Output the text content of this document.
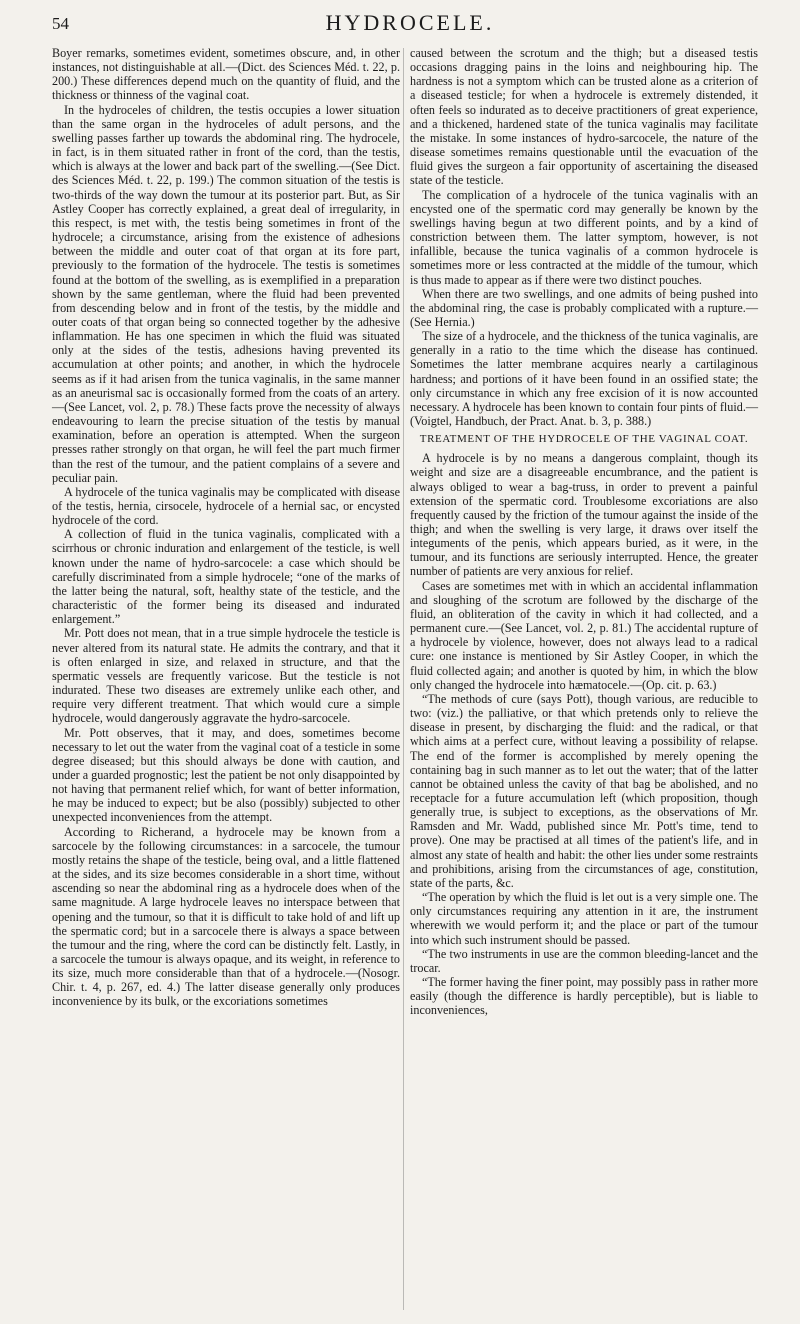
54	HYDROCELE.

Boyer remarks, sometimes evident, sometimes obscure, and, in other instances, not distinguishable at all.—(Dict. des Sciences Méd. t. 22, p. 200.) These differences depend much on the quantity of fluid, and the thickness or thinness of the vaginal coat.

In the hydroceles of children, the testis occupies a lower situation than the same organ in the hydroceles of adult persons, and the swelling passes farther up towards the abdominal ring. The hydrocele, in fact, is in them situated rather in front of the cord, than the testis, which is always at the lower and back part of the swelling.—(See Dict. des Sciences Méd. t. 22, p. 199.) The common situation of the testis is two-thirds of the way down the tumour at its posterior part. But, as Sir Astley Cooper has correctly explained, a great deal of irregularity, in this respect, is met with, the testis being sometimes in front of the hydrocele; a circumstance, arising from the existence of adhesions between the middle and outer coat of that organ at its fore part, previously to the formation of the hydrocele. The testis is sometimes found at the bottom of the swelling, as is exemplified in a preparation shown by the same gentleman, where the fluid had been prevented from descending below and in front of the testis, by the middle and outer coats of that organ being so connected together by the adhesive inflammation. He has one specimen in which the fluid was situated only at the sides of the testis, adhesions having prevented its accumulation at other points; and another, in which the hydrocele seems as if it had arisen from the tunica vaginalis, in the same manner as an aneurismal sac is occasionally formed from the coats of an artery.—(See Lancet, vol. 2, p. 78.) These facts prove the necessity of always endeavouring to learn the precise situation of the testis by manual examination, before an operation is attempted. When the surgeon presses rather strongly on that organ, he will feel the part much firmer than the rest of the tumour, and the patient complains of a severe and peculiar pain.

A hydrocele of the tunica vaginalis may be complicated with disease of the testis, hernia, cirsocele, hydrocele of a hernial sac, or encysted hydrocele of the cord.

A collection of fluid in the tunica vaginalis, complicated with a scirrhous or chronic induration and enlargement of the testicle, is well known under the name of hydro-sarcocele: a case which should be carefully discriminated from a simple hydrocele; “one of the marks of the latter being the natural, soft, healthy state of the testicle, and the characteristic of the former being its diseased and indurated enlargement.”

Mr. Pott does not mean, that in a true simple hydrocele the testicle is never altered from its natural state. He admits the contrary, and that it is often enlarged in size, and relaxed in structure, and that the spermatic vessels are frequently varicose. But the testicle is not indurated. These two diseases are extremely unlike each other, and require very different treatment. That which would cure a simple hydrocele, would dangerously aggravate the hydro-sarcocele.

Mr. Pott observes, that it may, and does, sometimes become necessary to let out the water from the vaginal coat of a testicle in some degree diseased; but this should always be done with caution, and under a guarded prognostic; lest the patient be not only disappointed by not having that permanent relief which, for want of better information, he may be induced to expect; but be also (possibly) subjected to other unexpected inconveniences from the attempt.

According to Richerand, a hydrocele may be known from a sarcocele by the following circumstances: in a sarcocele, the tumour mostly retains the shape of the testicle, being oval, and a little flattened at the sides, and its size becomes considerable in a short time, without ascending so near the abdominal ring as a hydrocele does when of the same magnitude. A large hydrocele leaves no interspace between that opening and the tumour, so that it is difficult to take hold of and lift up the spermatic cord; but in a sarcocele there is always a space between the tumour and the ring, where the cord can be distinctly felt. Lastly, in a sarcocele the tumour is always opaque, and its weight, in reference to its size, much more considerable than that of a hydrocele.—(Nosogr. Chir. t. 4, p. 267, ed. 4.) The latter disease generally only produces inconvenience by its bulk, or the excoriations sometimes

caused between the scrotum and the thigh; but a diseased testis occasions dragging pains in the loins and neighbouring hip. The hardness is not a symptom which can be trusted alone as a criterion of a diseased testicle; for when a hydrocele is extremely distended, it often feels so indurated as to deceive practitioners of great experience, and a thickened, hardened state of the tunica vaginalis may facilitate the mistake. In some instances of hydro-sarcocele, the nature of the disease sometimes remains questionable until the evacuation of the fluid gives the surgeon a fair opportunity of ascertaining the diseased state of the testicle.

The complication of a hydrocele of the tunica vaginalis with an encysted one of the spermatic cord may generally be known by the swellings having begun at two different points, and by a kind of constriction between them. The latter symptom, however, is not infallible, because the tunica vaginalis of a common hydrocele is sometimes more or less contracted at the middle of the tumour, which is thus made to appear as if there were two distinct pouches.

When there are two swellings, and one admits of being pushed into the abdominal ring, the case is probably complicated with a rupture.—(See Hernia.)

The size of a hydrocele, and the thickness of the tunica vaginalis, are generally in a ratio to the time which the disease has continued. Sometimes the latter membrane acquires nearly a cartilaginous hardness; and portions of it have been found in an ossified state; the only circumstance in which any free excision of it is now accounted necessary. A hydrocele has been known to contain four pints of fluid.—(Voigtel, Handbuch, der Pract. Anat. b. 3, p. 388.)

TREATMENT OF THE HYDROCELE OF THE VAGINAL COAT.

A hydrocele is by no means a dangerous complaint, though its weight and size are a disagreeable encumbrance, and the patient is always obliged to wear a bag-truss, in order to prevent a painful extension of the spermatic cord. Troublesome excoriations are also frequently caused by the friction of the tumour against the inside of the thigh; and when the swelling is very large, it draws over itself the integuments of the penis, which appears buried, as it were, in the tumour, and its functions are seriously interrupted. Hence, the greater number of patients are very anxious for relief.

Cases are sometimes met with in which an accidental inflammation and sloughing of the scrotum are followed by the discharge of the fluid, an obliteration of the cavity in which it had collected, and a permanent cure.—(See Lancet, vol. 2, p. 81.) The accidental rupture of a hydrocele by violence, however, does not always lead to a radical cure: one instance is mentioned by Sir Astley Cooper, in which the fluid collected again; and another is quoted by him, in which the blow only changed the hydrocele into hæmatocele.—(Op. cit. p. 63.)

“The methods of cure (says Pott), though various, are reducible to two: (viz.) the palliative, or that which pretends only to relieve the disease in present, by discharging the fluid: and the radical, or that which aims at a perfect cure, without leaving a possibility of relapse. The end of the former is accomplished by merely opening the containing bag in such manner as to let out the water; that of the latter cannot be obtained unless the cavity of that bag be abolished, and no receptacle for a future accumulation left (which proposition, though generally true, is subject to exceptions, as the observations of Mr. Ramsden and Mr. Wadd, published since Mr. Pott's time, tend to prove). One may be practised at all times of the patient's life, and in almost any state of health and habit: the other lies under some restraints and prohibitions, arising from the circumstances of age, constitution, state of the parts, &c.

“The operation by which the fluid is let out is a very simple one. The only circumstances requiring any attention in it are, the instrument wherewith we would perform it; and the place or part of the tumour into which such instrument should be passed.

“The two instruments in use are the common bleeding-lancet and the trocar.

“The former having the finer point, may possibly pass in rather more easily (though the difference is hardly perceptible), but is liable to inconveniences,
